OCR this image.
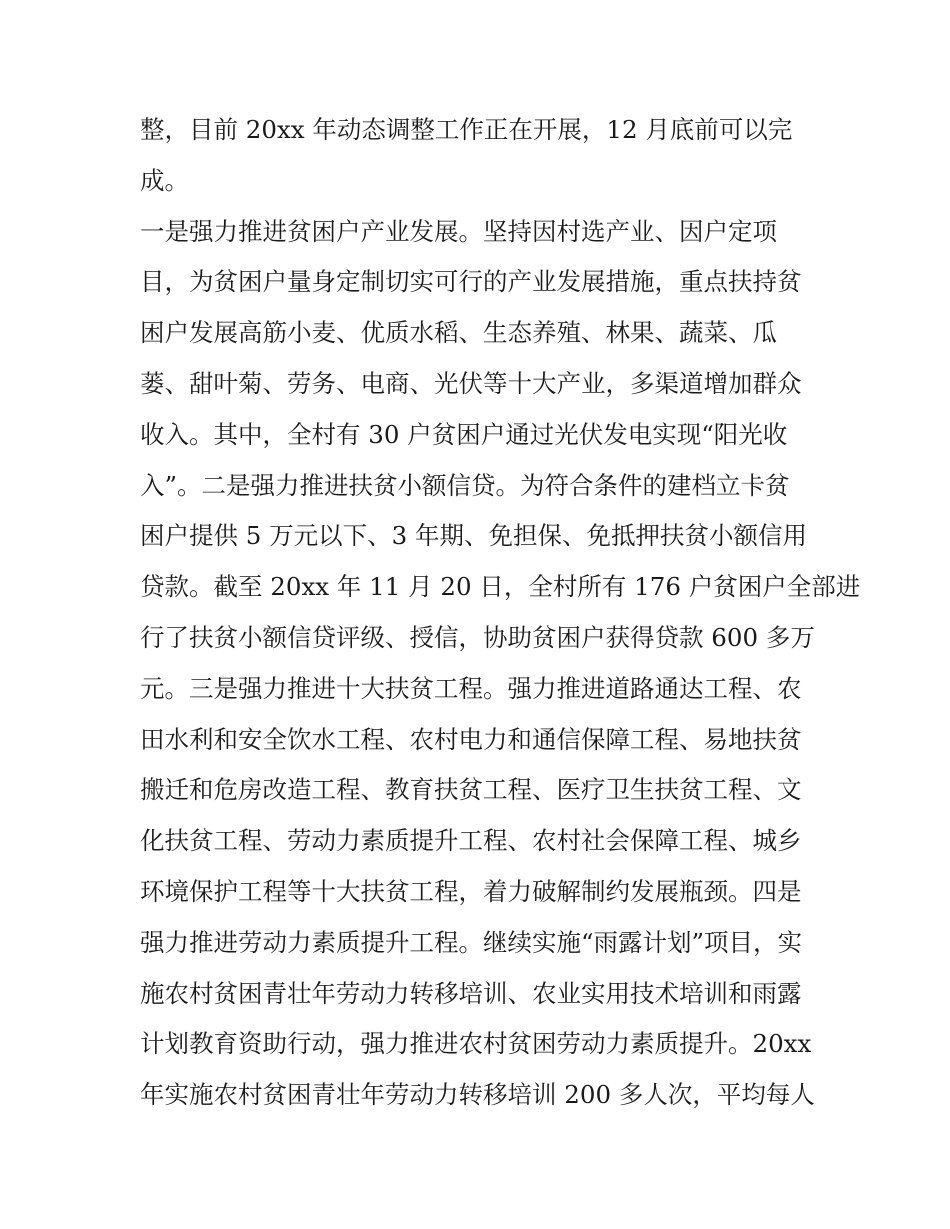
整，目前 20xx 年动态调整工作正在开展，12 月底前可以完
成。
一是强力推进贫困户产业发展。坚持因村选产业、因户定项
目，为贫困户量身定制切实可行的产业发展措施，重点扶持贫
困户发展高筋小麦、优质水稻、生态养殖、林果、蔬菜、瓜
蒌、甜叶菊、劳务、电商、光伏等十大产业，多渠道增加群众
收入。其中，全村有 30 户贫困户通过光伏发电实现“阳光收
入”。二是强力推进扶贫小额信贷。为符合条件的建档立卡贫
困户提供 5 万元以下、3 年期、免担保、免抵押扶贫小额信用
贷款。截至 20xx 年 11 月 20 日，全村所有 176 户贫困户全部进
行了扶贫小额信贷评级、授信，协助贫困户获得贷款 600 多万
元。三是强力推进十大扶贫工程。强力推进道路通达工程、农
田水利和安全饮水工程、农村电力和通信保障工程、易地扶贫
搬迁和危房改造工程、教育扶贫工程、医疗卫生扶贫工程、文
化扶贫工程、劳动力素质提升工程、农村社会保障工程、城乡
环境保护工程等十大扶贫工程，着力破解制约发展瓶颈。四是
强力推进劳动力素质提升工程。继续实施“雨露计划”项目，实
施农村贫困青壮年劳动力转移培训、农业实用技术培训和雨露
计划教育资助行动，强力推进农村贫困劳动力素质提升。20xx
年实施农村贫困青壮年劳动力转移培训 200 多人次，平均每人
